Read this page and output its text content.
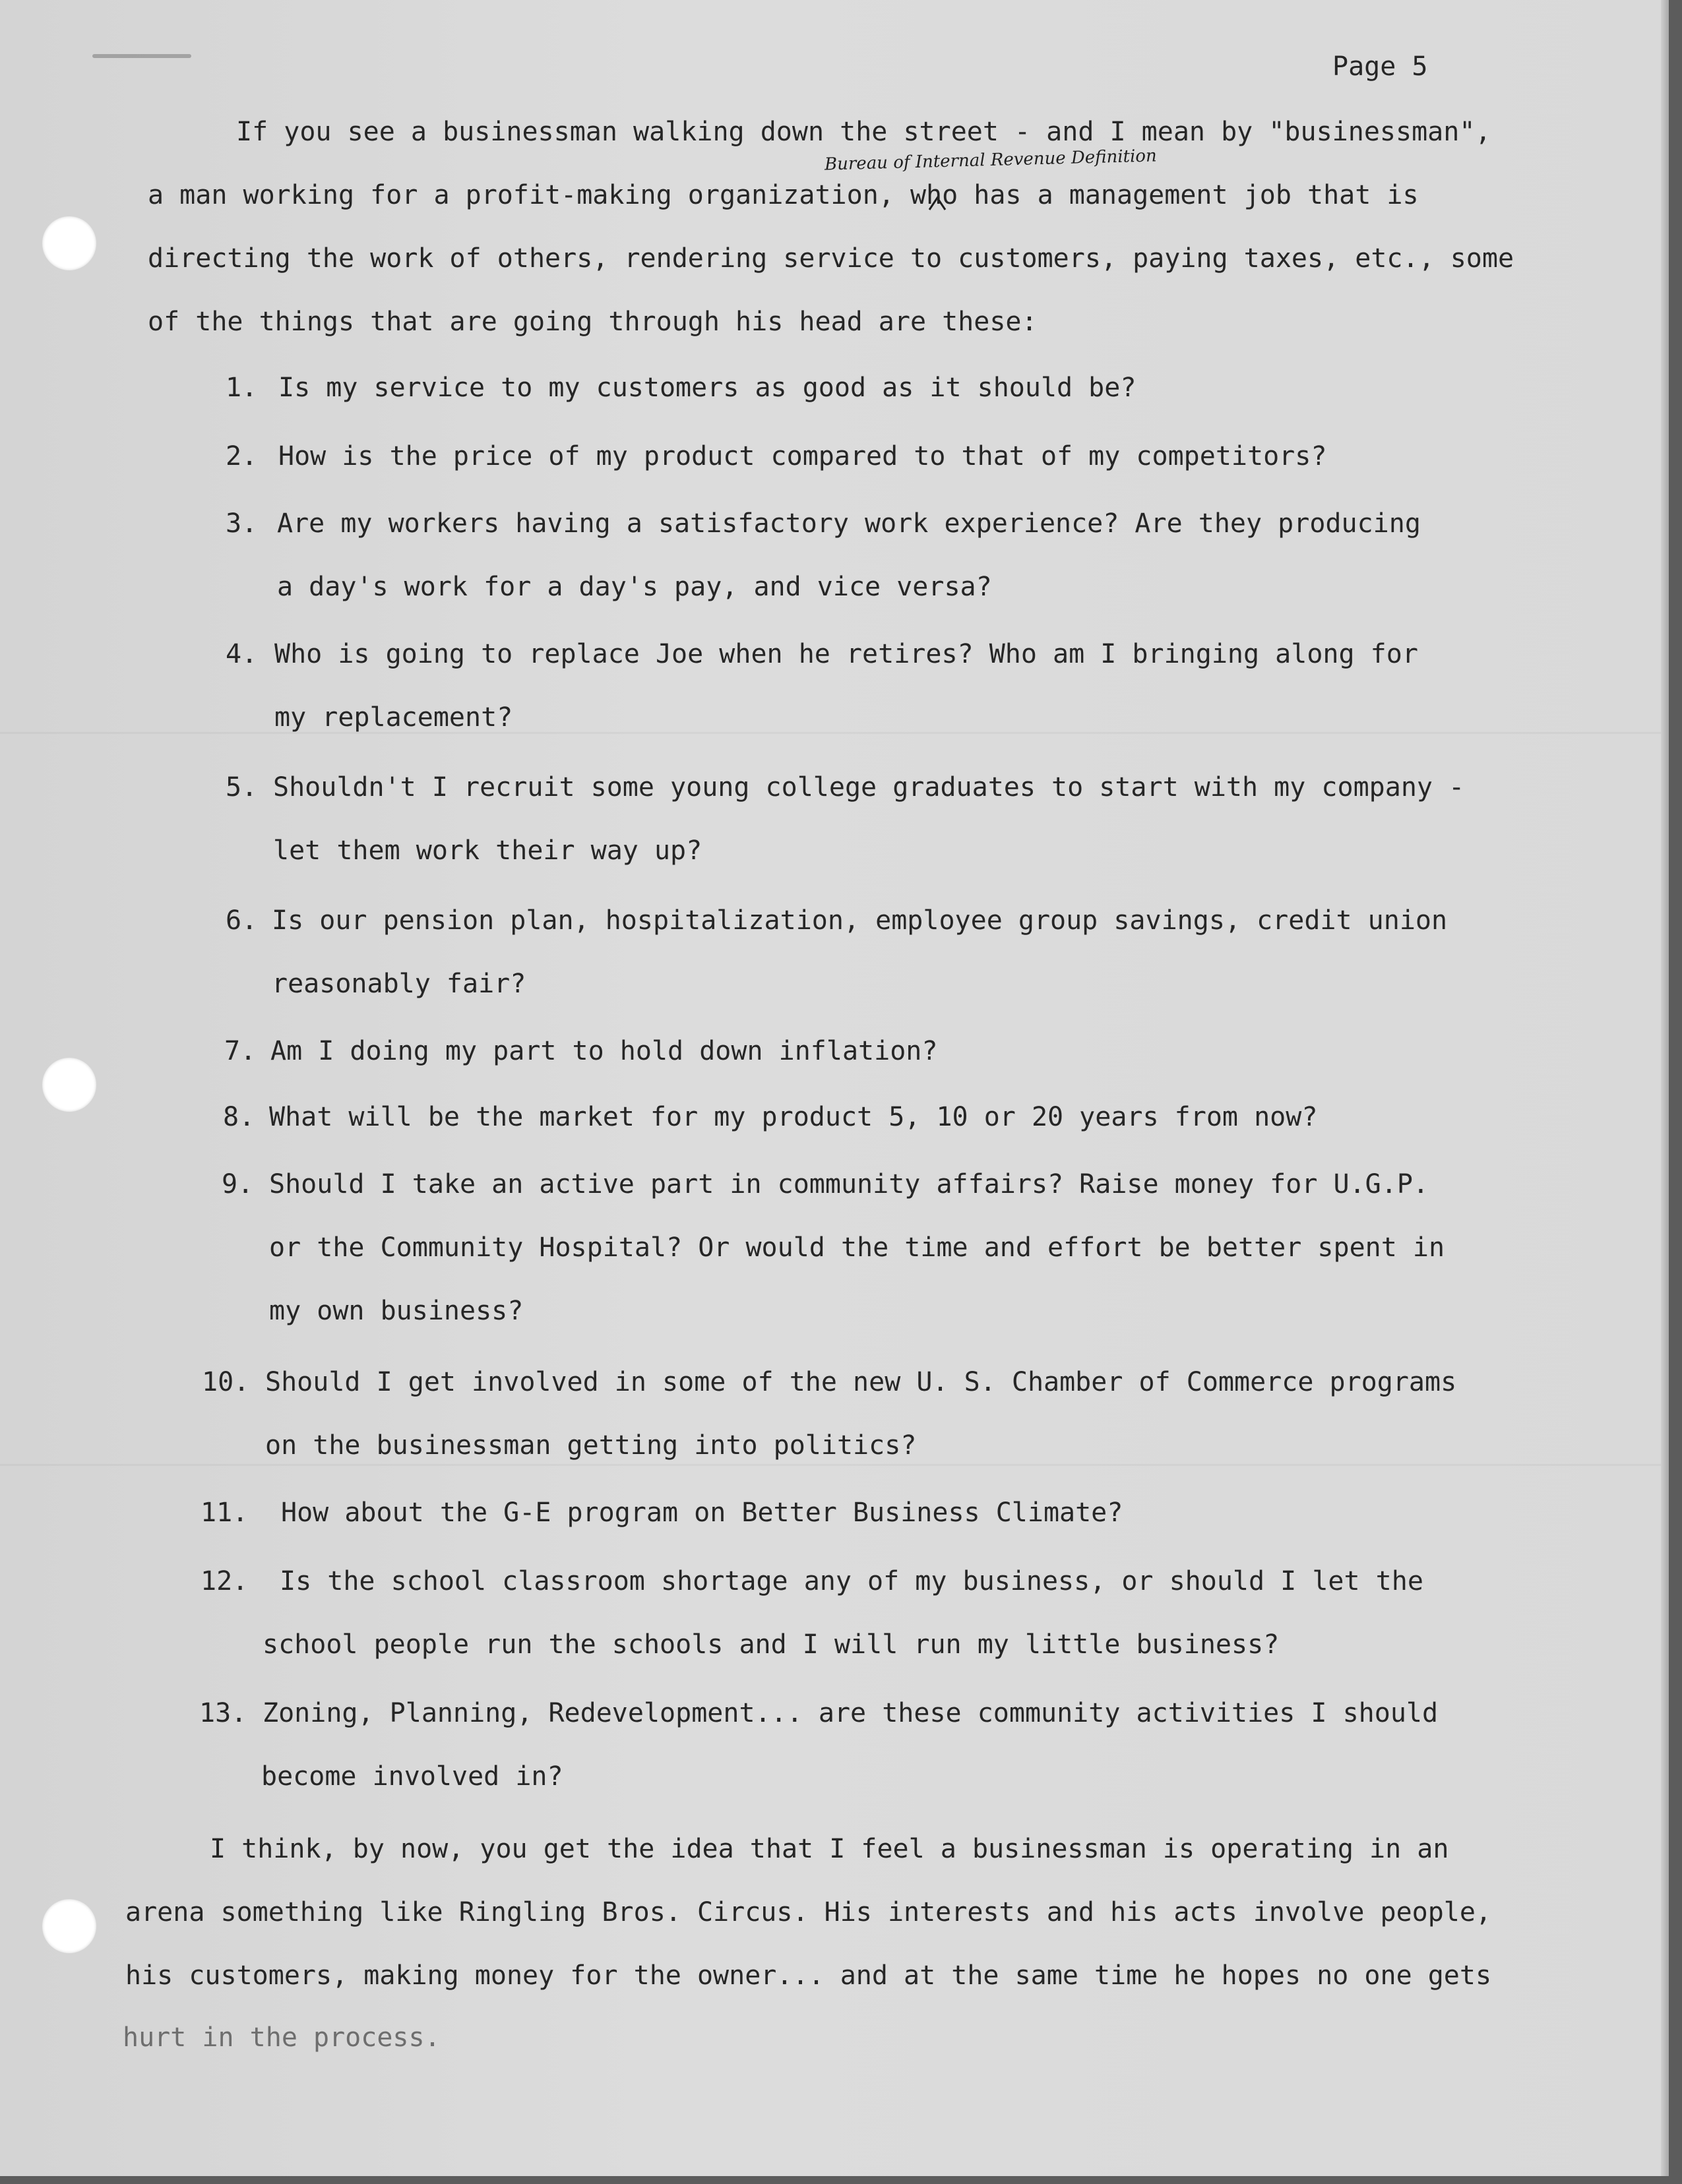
Page 5
Bureau of Internal Revenue Definition
If you see a businessman walking down the street - and I mean by "businessman",
a man working for a profit-making organization, who has a management job that is
directing the work of others, rendering service to customers, paying taxes, etc., some
of the things that are going through his head are these:
1. Is my service to my customers as good as it should be?
2. How is the price of my product compared to that of my competitors?
3. Are my workers having a satisfactory work experience? Are they producing
a day's work for a day's pay, and vice versa?
4. Who is going to replace Joe when he retires? Who am I bringing along for
my replacement?
5. Shouldn't I recruit some young college graduates to start with my company -
let them work their way up?
6. Is our pension plan, hospitalization, employee group savings, credit union
reasonably fair?
7. Am I doing my part to hold down inflation?
8. What will be the market for my product 5, 10 or 20 years from now?
9. Should I take an active part in community affairs? Raise money for U.G.P.
or the Community Hospital? Or would the time and effort be better spent in
my own business?
10. Should I get involved in some of the new U. S. Chamber of Commerce programs
on the businessman getting into politics?
11. How about the G-E program on Better Business Climate?
12. Is the school classroom shortage any of my business, or should I let the
school people run the schools and I will run my little business?
13. Zoning, Planning, Redevelopment... are these community activities I should
become involved in?
I think, by now, you get the idea that I feel a businessman is operating in an
arena something like Ringling Bros. Circus. His interests and his acts involve people,
his customers, making money for the owner... and at the same time he hopes no one gets
hurt in the process.
